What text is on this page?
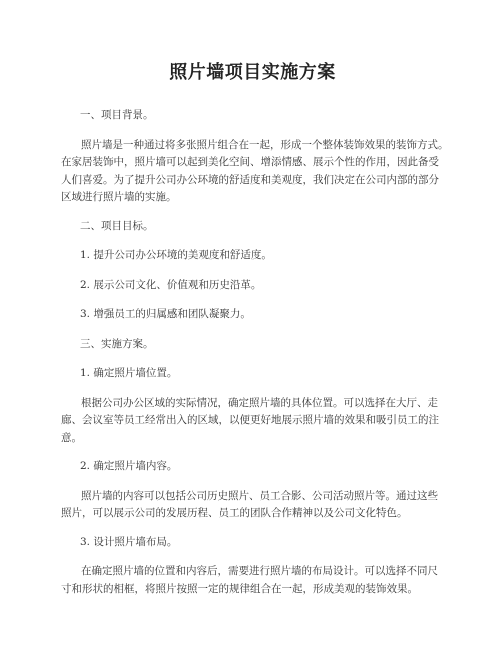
照片墙项目实施方案
一、项目背景。
照片墙是一种通过将多张照片组合在一起，形成一个整体装饰效果的装饰方式。
在家居装饰中，照片墙可以起到美化空间、增添情感、展示个性的作用，因此备受
人们喜爱。为了提升公司办公环境的舒适度和美观度，我们决定在公司内部的部分
区域进行照片墙的实施。
二、项目目标。
1. 提升公司办公环境的美观度和舒适度。
2. 展示公司文化、价值观和历史沿革。
3. 增强员工的归属感和团队凝聚力。
三、实施方案。
1. 确定照片墙位置。
根据公司办公区域的实际情况，确定照片墙的具体位置。可以选择在大厅、走
廊、会议室等员工经常出入的区域，以便更好地展示照片墙的效果和吸引员工的注
意。
2. 确定照片墙内容。
照片墙的内容可以包括公司历史照片、员工合影、公司活动照片等。通过这些
照片，可以展示公司的发展历程、员工的团队合作精神以及公司文化特色。
3. 设计照片墙布局。
在确定照片墙的位置和内容后，需要进行照片墙的布局设计。可以选择不同尺
寸和形状的相框，将照片按照一定的规律组合在一起，形成美观的装饰效果。
